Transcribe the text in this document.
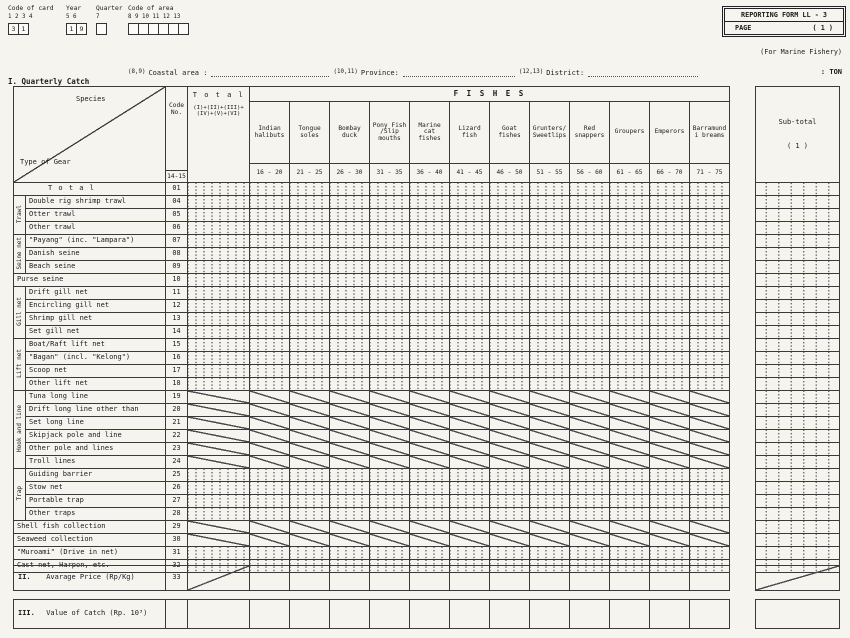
Code of card	Year	Quarter Code of area
1 2 3 4	5 6	7	8 9 10 11 12 13
3 1	1 9
REPORTING FORM LL - 3
PAGE	( 1 )
(For Marine Fishery)
(8,9) Coastal area :	(10,11) Province:	(12,13) District:	: TON
I. Quarterly Catch
Species
Type of Gear

Code
No.
14-15

T o t a l
(I)+(II)+(III)+
(IV)+(V)+(VI)
	F I S H E S		
Sub-total
( 1 )

				Indian halibuts	Tongue soles	Bombay duck	Pony Fish /Slip mouths	Marine cat fishes	Lizard fish	Goat fishes	Grunters/ Sweetlips	Red snappers	Groupers	Emperors	Barramundi breams		
				16 - 20	21 - 25	26 - 30	31 - 35	36 - 40	41 - 45	46 - 50	51 - 55	56 - 60	61 - 65	66 - 70	71 - 75		
T o t a l		01															
Trawl	Double rig shrimp trawl	04															
	Otter trawl	05															
	Other trawl	06															
Seine net	"Payang" (inc. "Lampara")	07															
	Danish seine	08															
	Beach seine	09															
Purse seine		10															
Gill net	Drift gill net	11															
	Encircling gill net	12															
	Shrimp gill net	13															
	Set gill net	14															
Lift net	Boat/Raft lift net	15															
	"Bagan" (incl. "Kelong")	16															
	Scoop net	17															
	Other lift net	18															
Hook and line	Tuna long line	19															
	Drift long line other than	20															
	Set long line	21															
	Skipjack pole and line	22															
	Other pole and lines	23															
	Troll lines	24															
Trap	Guiding barrier	25															
	Stow net	26															
	Portable trap	27															
	Other traps	28															
Shell fish collection		29															
Seaweed collection		30															
"Muroami" (Drive in net)		31															
Cast net, Harpon, etc.		32															
II. Avarage Price (Rp/Kg)	33															
III. Value of Catch (Rp. 10³)																
